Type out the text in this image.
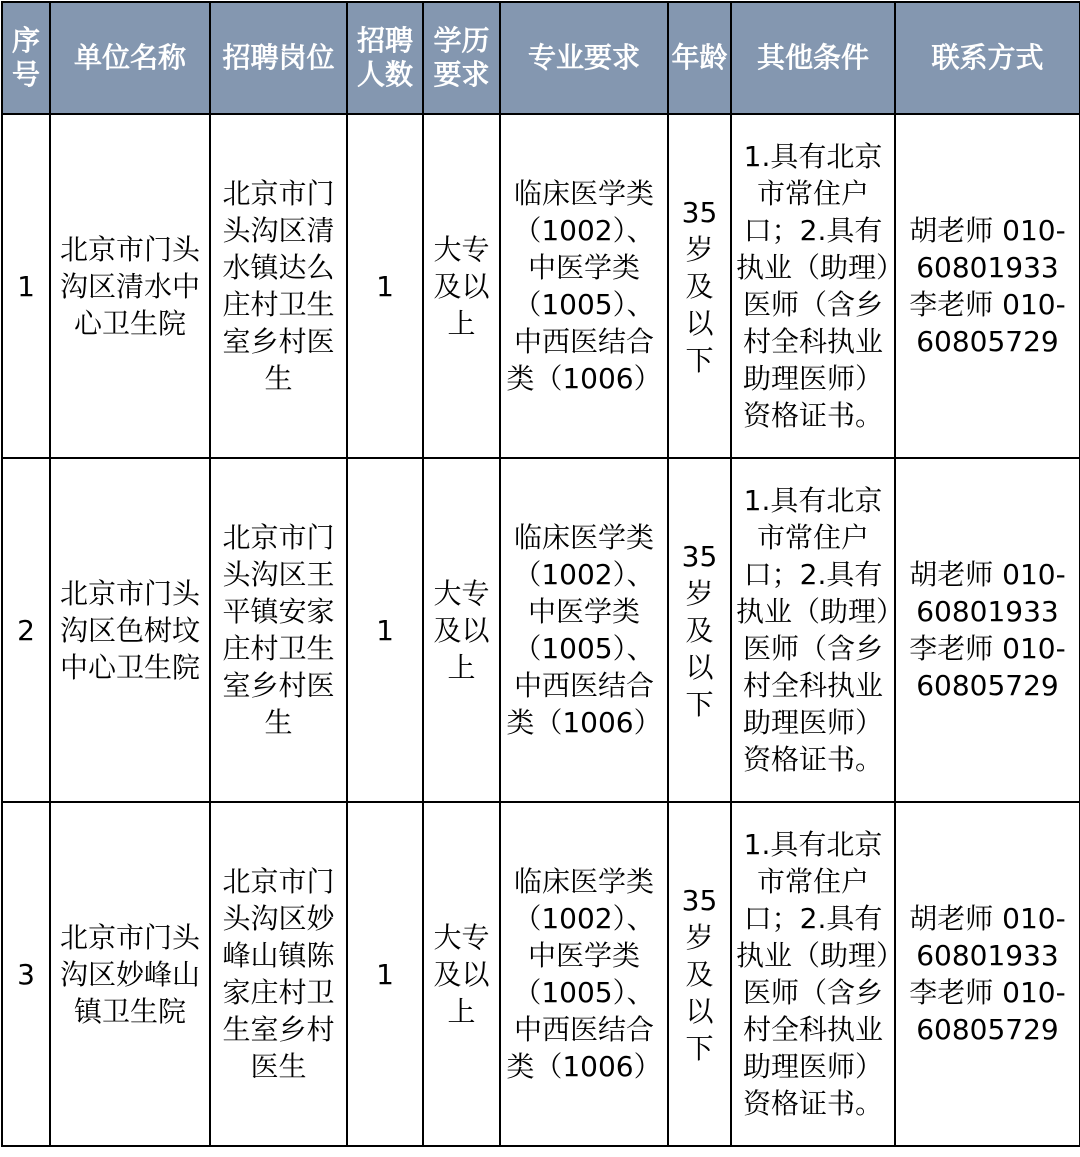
序号	单位名称	招聘岗位	招聘人数	学历要求	专业要求	年龄	其他条件	联系方式
1	北京市门头沟区清水中心卫生院	北京市门头沟区清水镇达么庄村卫生室乡村医生	1	大专及以上	临床医学类（1002）、中医学类（1005）、中西医结合类（1006）	35岁及以下	1.具有北京市常住户口；2.具有执业（助理）医师（含乡村全科执业助理医师）资格证书。	胡老师 010-60801933 李老师 010-60805729
2	北京市门头沟区色树坟中心卫生院	北京市门头沟区王平镇安家庄村卫生室乡村医生	1	大专及以上	临床医学类（1002）、中医学类（1005）、中西医结合类（1006）	35岁及以下	1.具有北京市常住户口；2.具有执业（助理）医师（含乡村全科执业助理医师）资格证书。	胡老师 010-60801933 李老师 010-60805729
3	北京市门头沟区妙峰山镇卫生院	北京市门头沟区妙峰山镇陈家庄村卫生室乡村医生	1	大专及以上	临床医学类（1002）、中医学类（1005）、中西医结合类（1006）	35岁及以下	1.具有北京市常住户口；2.具有执业（助理）医师（含乡村全科执业助理医师）资格证书。	胡老师 010-60801933 李老师 010-60805729
